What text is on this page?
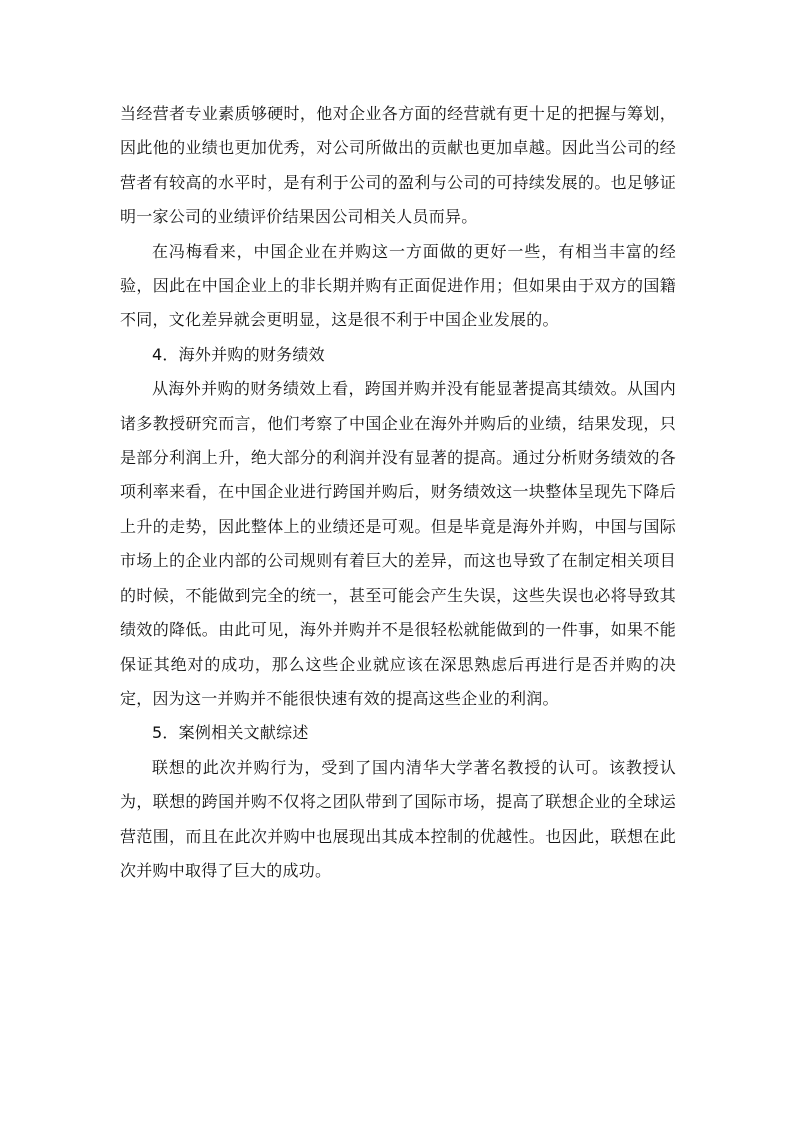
当经营者专业素质够硬时，他对企业各方面的经营就有更十足的把握与筹划，因此他的业绩也更加优秀，对公司所做出的贡献也更加卓越。因此当公司的经营者有较高的水平时，是有利于公司的盈利与公司的可持续发展的。也足够证明一家公司的业绩评价结果因公司相关人员而异。

在冯梅看来，中国企业在并购这一方面做的更好一些，有相当丰富的经验，因此在中国企业上的非长期并购有正面促进作用；但如果由于双方的国籍不同，文化差异就会更明显，这是很不利于中国企业发展的。

4．海外并购的财务绩效

从海外并购的财务绩效上看，跨国并购并没有能显著提高其绩效。从国内诸多教授研究而言，他们考察了中国企业在海外并购后的业绩，结果发现，只是部分利润上升，绝大部分的利润并没有显著的提高。通过分析财务绩效的各项利率来看，在中国企业进行跨国并购后，财务绩效这一块整体呈现先下降后上升的走势，因此整体上的业绩还是可观。但是毕竟是海外并购，中国与国际市场上的企业内部的公司规则有着巨大的差异，而这也导致了在制定相关项目的时候，不能做到完全的统一，甚至可能会产生失误，这些失误也必将导致其绩效的降低。由此可见，海外并购并不是很轻松就能做到的一件事，如果不能保证其绝对的成功，那么这些企业就应该在深思熟虑后再进行是否并购的决定，因为这一并购并不能很快速有效的提高这些企业的利润。

5．案例相关文献综述

联想的此次并购行为，受到了国内清华大学著名教授的认可。该教授认为，联想的跨国并购不仅将之团队带到了国际市场，提高了联想企业的全球运营范围，而且在此次并购中也展现出其成本控制的优越性。也因此，联想在此次并购中取得了巨大的成功。
